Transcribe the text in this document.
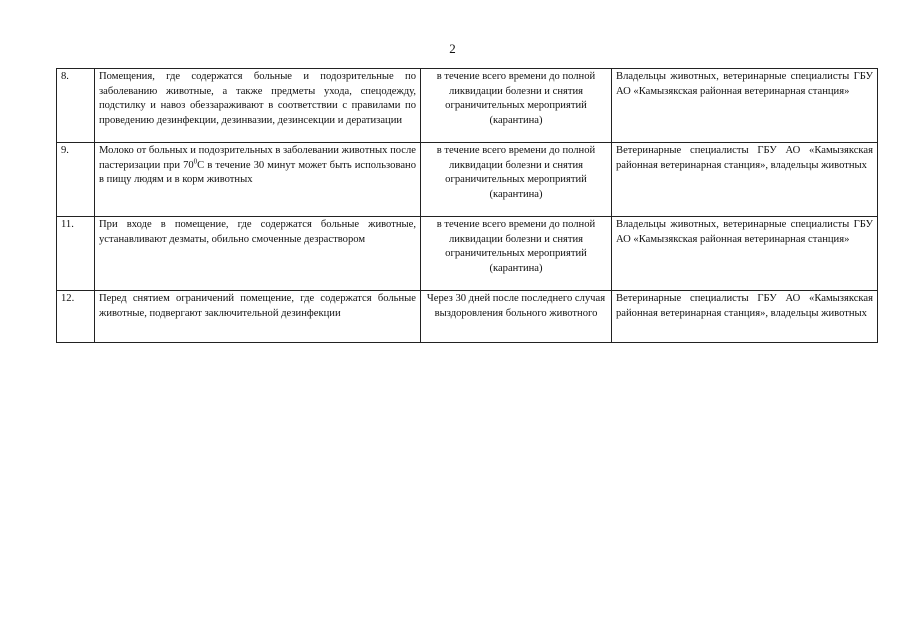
2
8.	Помещения, где содержатся больные и подозрительные по заболеванию животные, а также предметы ухода, спецодежду, подстилку и навоз обеззараживают в соответствии с правилами по проведению дезинфекции, дезинвазии, дезинсекции и дератизации	в течение всего времени до полной ликвидации болезни и снятия ограничительных мероприятий (карантина)	Владельцы животных, ветеринарные специалисты ГБУ АО «Камызякская районная ветеринарная станция»
9.	Молоко от больных и подозрительных в заболевании животных после пастеризации при $70^0С$ в течение 30 минут может быть использовано в пищу людям и в корм животных	в течение всего времени до полной ликвидации болезни и снятия ограничительных мероприятий (карантина)	Ветеринарные специалисты ГБУ АО «Камызякская районная ветеринарная станция», владельцы животных
11.	При входе в помещение, где содержатся больные животные, устанавливают дезматы, обильно смоченные дезраствором	в течение всего времени до полной ликвидации болезни и снятия ограничительных мероприятий (карантина)	Владельцы животных, ветеринарные специалисты ГБУ АО «Камызякская районная ветеринарная станция»
12.	Перед снятием ограничений помещение, где содержатся больные животные, подвергают заключительной дезинфекции	Через 30 дней после последнего случая выздоровления больного животного	Ветеринарные специалисты ГБУ АО «Камызякская районная ветеринарная станция», владельцы животных
